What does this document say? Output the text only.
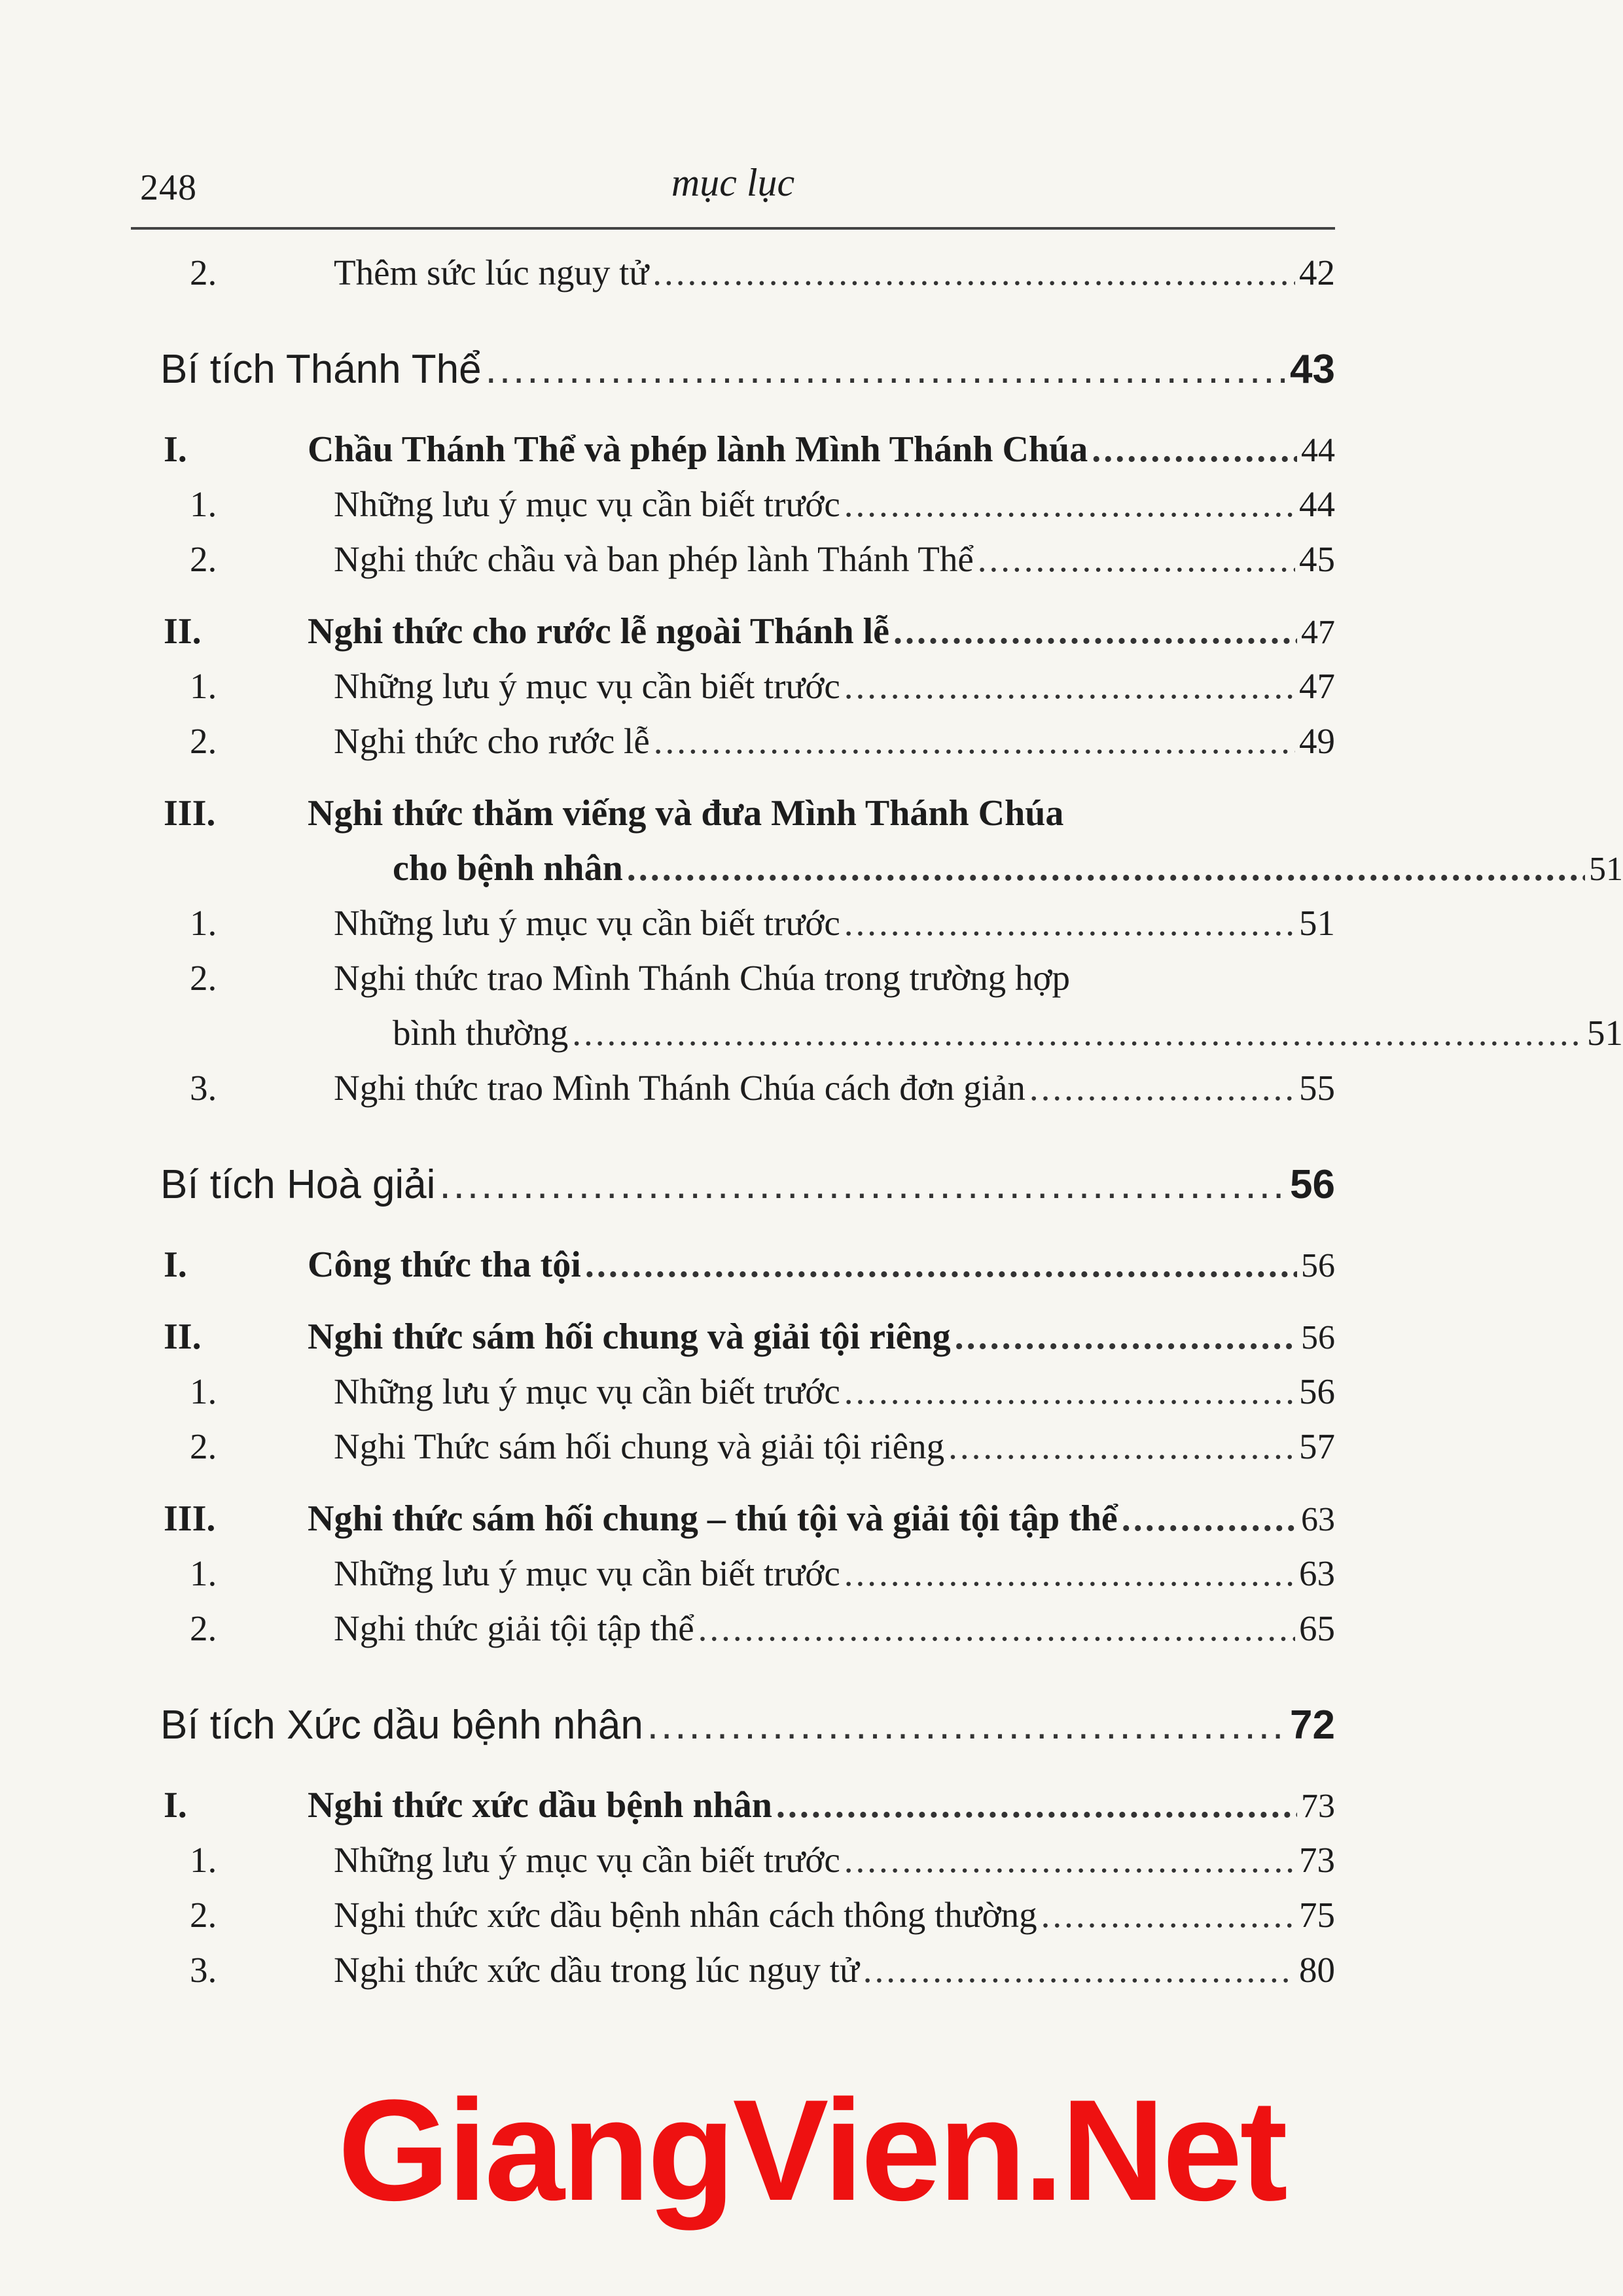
248	mục lục
2.	Thêm sức lúc nguy tử .....	42
Bí tích Thánh Thể .....	43
I.	Chầu Thánh Thể và phép lành Mình Thánh Chúa .....	44
1.	Những lưu ý mục vụ cần biết trước .....	44
2.	Nghi thức chầu và ban phép lành Thánh Thể .....	45
II.	Nghi thức cho rước lễ ngoài Thánh lễ .....	47
1.	Những lưu ý mục vụ cần biết trước .....	47
2.	Nghi thức cho rước lễ .....	49
III.	Nghi thức thăm viếng và đưa Mình Thánh Chúa
cho bệnh nhân .....	51
1.	Những lưu ý mục vụ cần biết trước .....	51
2.	Nghi thức trao Mình Thánh Chúa trong trường hợp
bình thường .....	51
3.	Nghi thức trao Mình Thánh Chúa cách đơn giản .....	55
Bí tích Hoà giải .....	56
I.	Công thức tha tội .....	56
II.	Nghi thức sám hối chung và giải tội riêng .....	56
1.	Những lưu ý mục vụ cần biết trước .....	56
2.	Nghi Thức sám hối chung và giải tội riêng .....	57
III.	Nghi thức sám hối chung – thú tội và giải tội tập thể .....	63
1.	Những lưu ý mục vụ cần biết trước .....	63
2.	Nghi thức giải tội tập thể .....	65
Bí tích Xức dầu bệnh nhân .....	72
I.	Nghi thức xức dầu bệnh nhân .....	73
1.	Những lưu ý mục vụ cần biết trước .....	73
2.	Nghi thức xức dầu bệnh nhân cách thông thường .....	75
3.	Nghi thức xức dầu trong lúc nguy tử .....	80
GiangVien.Net
